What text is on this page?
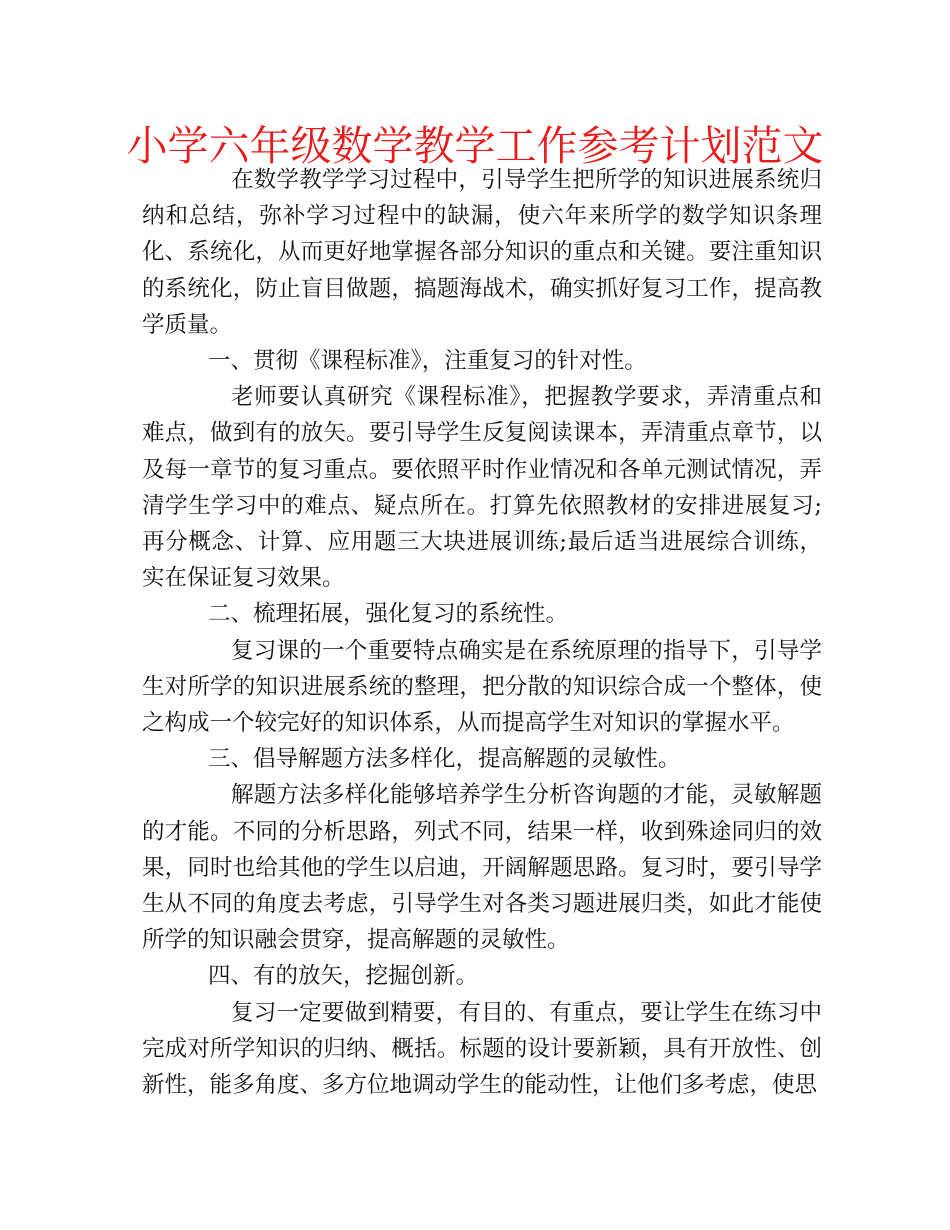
小学六年级数学教学工作参考计划范文

在数学教学学习过程中，引导学生把所学的知识进展系统归纳和总结，弥补学习过程中的缺漏，使六年来所学的数学知识条理化、系统化，从而更好地掌握各部分知识的重点和关键。要注重知识的系统化，防止盲目做题，搞题海战术，确实抓好复习工作，提高教学质量。

一、贯彻《课程标准》，注重复习的针对性。

老师要认真研究《课程标准》，把握教学要求，弄清重点和难点，做到有的放矢。要引导学生反复阅读课本，弄清重点章节，以及每一章节的复习重点。要依照平时作业情况和各单元测试情况，弄清学生学习中的难点、疑点所在。打算先依照教材的安排进展复习;再分概念、计算、应用题三大块进展训练;最后适当进展综合训练，实在保证复习效果。

二、梳理拓展，强化复习的系统性。

复习课的一个重要特点确实是在系统原理的指导下，引导学生对所学的知识进展系统的整理，把分散的知识综合成一个整体，使之构成一个较完好的知识体系，从而提高学生对知识的掌握水平。

三、倡导解题方法多样化，提高解题的灵敏性。

解题方法多样化能够培养学生分析咨询题的才能，灵敏解题的才能。不同的分析思路，列式不同，结果一样，收到殊途同归的效果，同时也给其他的学生以启迪，开阔解题思路。复习时，要引导学生从不同的角度去考虑，引导学生对各类习题进展归类，如此才能使所学的知识融会贯穿，提高解题的灵敏性。

四、有的放矢，挖掘创新。

复习一定要做到精要，有目的、有重点，要让学生在练习中完成对所学知识的归纳、概括。标题的设计要新颖，具有开放性、创新性，能多角度、多方位地调动学生的能动性，让他们多考虑，使思
